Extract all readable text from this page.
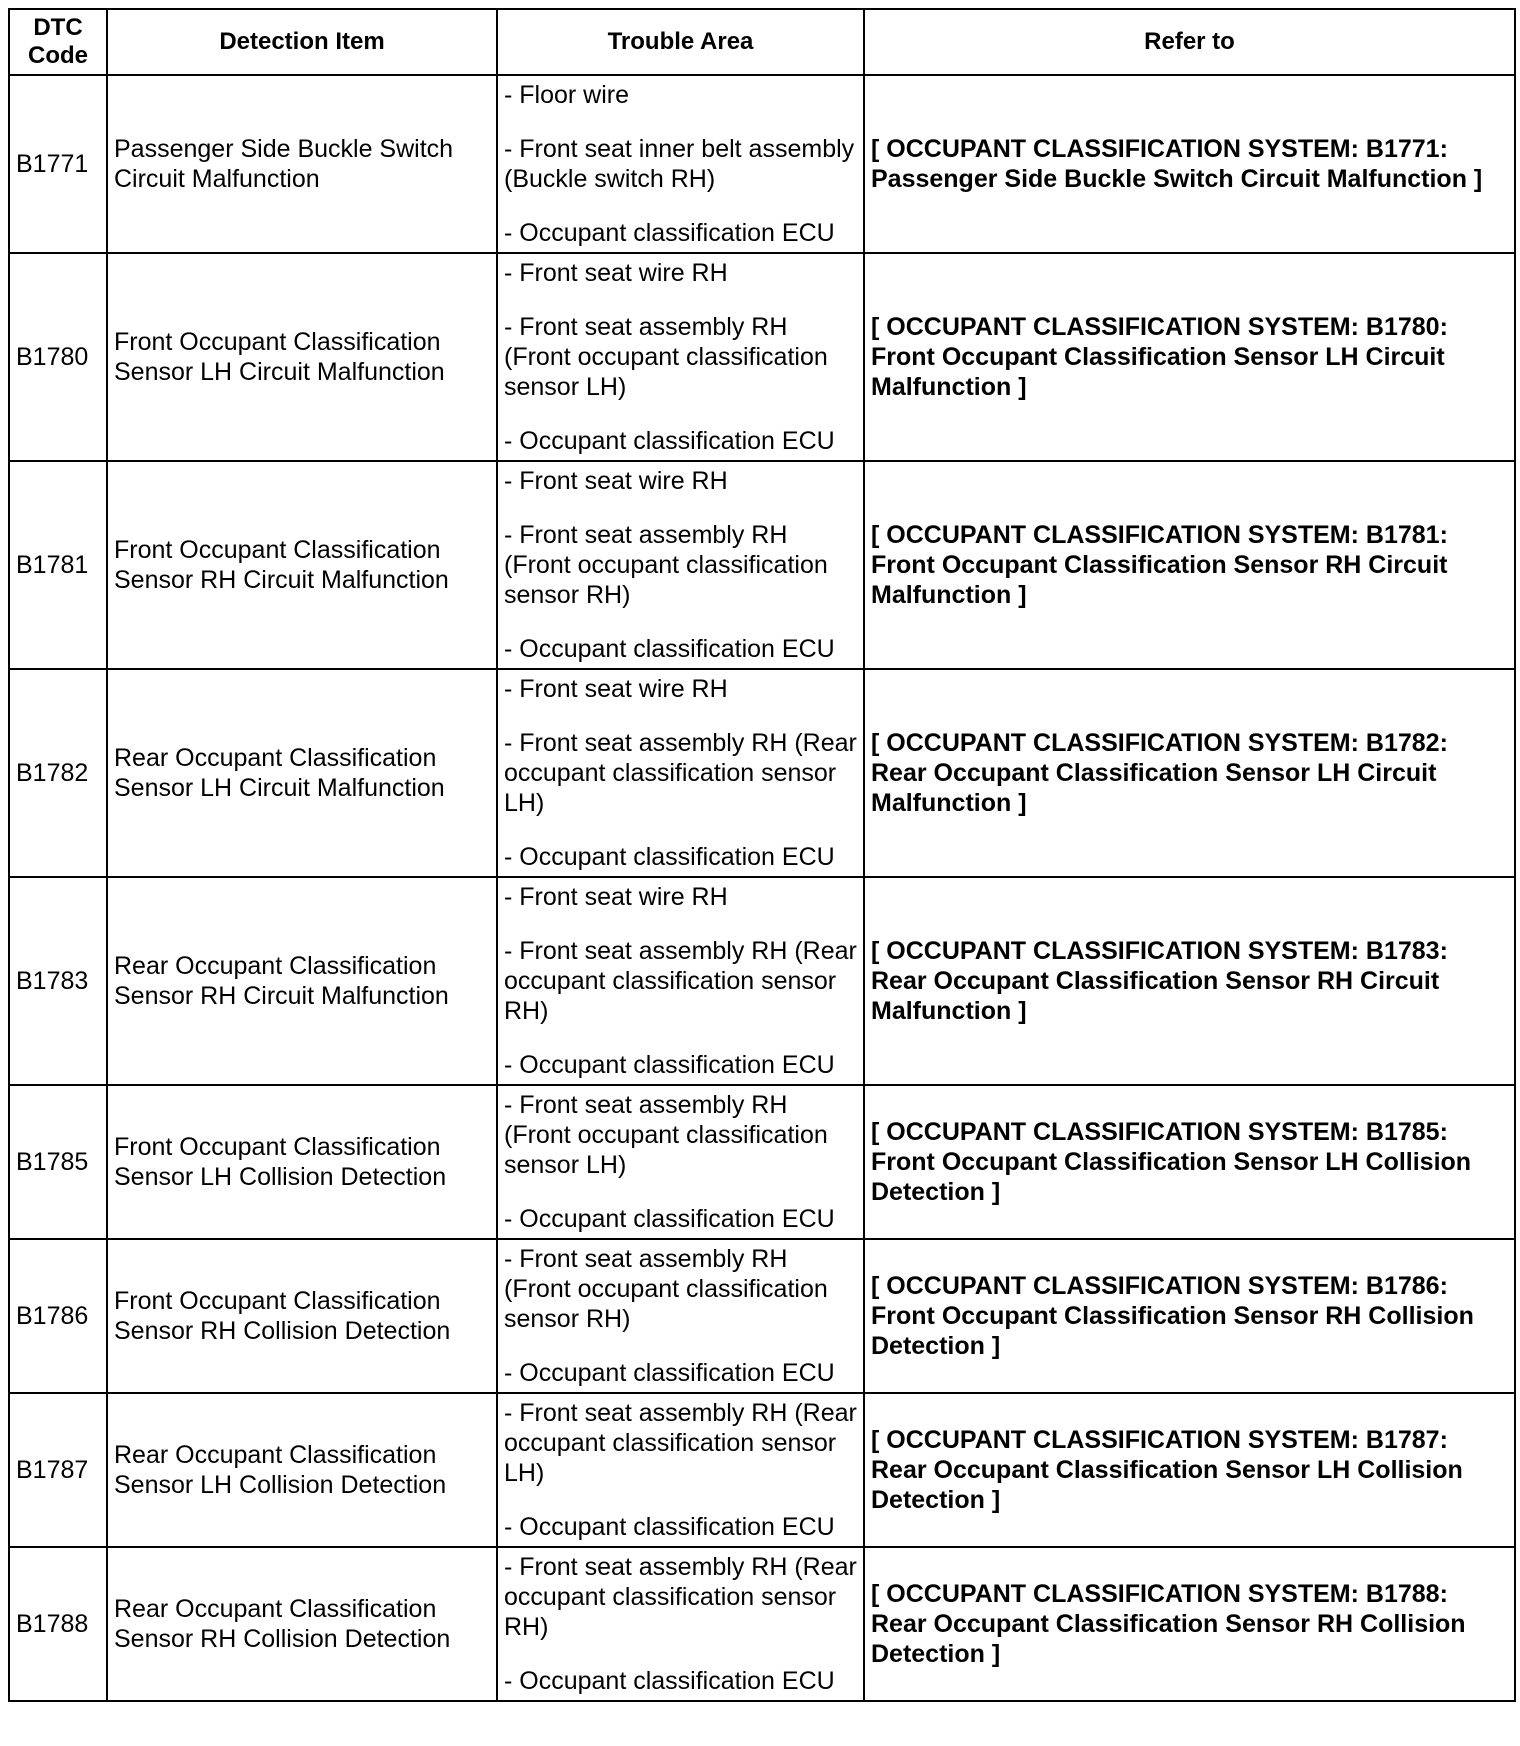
DTC Code	Detection Item	Trouble Area	Refer to
B1771	Passenger Side Buckle Switch Circuit Malfunction	- Floor wire
- Front seat inner belt assembly (Buckle switch RH)
- Occupant classification ECU	[ OCCUPANT CLASSIFICATION SYSTEM: B1771: Passenger Side Buckle Switch Circuit Malfunction ]
B1780	Front Occupant Classification Sensor LH Circuit Malfunction	- Front seat wire RH
- Front seat assembly RH (Front occupant classification sensor LH)
- Occupant classification ECU	[ OCCUPANT CLASSIFICATION SYSTEM: B1780: Front Occupant Classification Sensor LH Circuit Malfunction ]
B1781	Front Occupant Classification Sensor RH Circuit Malfunction	- Front seat wire RH
- Front seat assembly RH (Front occupant classification sensor RH)
- Occupant classification ECU	[ OCCUPANT CLASSIFICATION SYSTEM: B1781: Front Occupant Classification Sensor RH Circuit Malfunction ]
B1782	Rear Occupant Classification Sensor LH Circuit Malfunction	- Front seat wire RH
- Front seat assembly RH (Rear occupant classification sensor LH)
- Occupant classification ECU	[ OCCUPANT CLASSIFICATION SYSTEM: B1782: Rear Occupant Classification Sensor LH Circuit Malfunction ]
B1783	Rear Occupant Classification Sensor RH Circuit Malfunction	- Front seat wire RH
- Front seat assembly RH (Rear occupant classification sensor RH)
- Occupant classification ECU	[ OCCUPANT CLASSIFICATION SYSTEM: B1783: Rear Occupant Classification Sensor RH Circuit Malfunction ]
B1785	Front Occupant Classification Sensor LH Collision Detection	- Front seat assembly RH (Front occupant classification sensor LH)
- Occupant classification ECU	[ OCCUPANT CLASSIFICATION SYSTEM: B1785: Front Occupant Classification Sensor LH Collision Detection ]
B1786	Front Occupant Classification Sensor RH Collision Detection	- Front seat assembly RH (Front occupant classification sensor RH)
- Occupant classification ECU	[ OCCUPANT CLASSIFICATION SYSTEM: B1786: Front Occupant Classification Sensor RH Collision Detection ]
B1787	Rear Occupant Classification Sensor LH Collision Detection	- Front seat assembly RH (Rear occupant classification sensor LH)
- Occupant classification ECU	[ OCCUPANT CLASSIFICATION SYSTEM: B1787: Rear Occupant Classification Sensor LH Collision Detection ]
B1788	Rear Occupant Classification Sensor RH Collision Detection	- Front seat assembly RH (Rear occupant classification sensor RH)
- Occupant classification ECU	[ OCCUPANT CLASSIFICATION SYSTEM: B1788: Rear Occupant Classification Sensor RH Collision Detection ]
